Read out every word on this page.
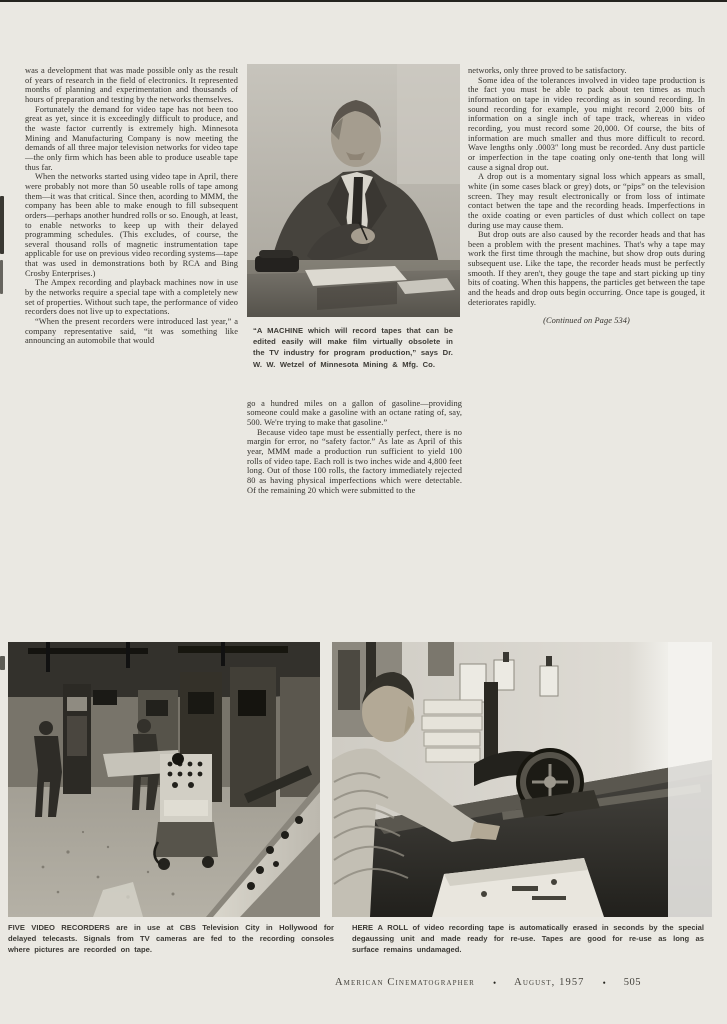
was a development that was made possible only as the result of years of research in the field of electronics. It represented months of planning and experimentation and thousands of hours of preparation and testing by the networks themselves.

Fortunately the demand for video tape has not been too great as yet, since it is exceedingly difficult to produce, and the waste factor currently is extremely high. Minnesota Mining and Manufacturing Company is now meeting the demands of all three major television networks for video tape—the only firm which has been able to produce useable tape thus far.

When the networks started using video tape in April, there were probably not more than 50 useable rolls of tape among them—it was that critical. Since then, acording to MMM, the company has been able to make enough to fill subsequent orders—perhaps another hundred rolls or so. Enough, at least, to enable networks to keep up with their delayed programming schedules. (This excludes, of course, the several thousand rolls of magnetic instrumentation tape applicable for use on previous video recording systems—tape that was used in demonstrations both by RCA and Bing Crosby Enterprises.)

The Ampex recording and playback machines now in use by the networks require a special tape with a completely new set of properties. Without such tape, the performance of video recorders does not live up to expectations.

“When the present recorders were introduced last year,” a company representative said, “it was something like announcing an automobile that would

“A MACHINE which will record tapes that can be edited easily will make film virtually obsolete in the TV industry for program production,” says Dr. W. W. Wetzel of Minnesota Mining & Mfg. Co.

go a hundred miles on a gallon of gasoline—providing someone could make a gasoline with an octane rating of, say, 500. We're trying to make that gasoline.”

Because video tape must be essentially perfect, there is no margin for error, no “safety factor.” As late as April of this year, MMM made a production run sufficient to yield 100 rolls of video tape. Each roll is two inches wide and 4,800 feet long. Out of those 100 rolls, the factory immediately rejected 80 as having physical imperfections which were detectable. Of the remaining 20 which were submitted to the

networks, only three proved to be satisfactory.

Some idea of the tolerances involved in video tape production is the fact you must be able to pack about ten times as much information on tape in video recording as in sound recording. In sound recording for example, you might record 2,000 bits of information on a single inch of tape track, whereas in video recording, you must record some 20,000. Of course, the bits of information are much smaller and thus more difficult to record. Wave lengths only .0003″ long must be recorded. Any dust particle or imperfection in the tape coating only one-tenth that long will cause a signal drop out.

A drop out is a momentary signal loss which appears as small, white (in some cases black or grey) dots, or “pips” on the television screen. They may result electronically or from loss of intimate contact betwen the tape and the recording heads. Imperfections in the oxide coating or even particles of dust which collect on tape during use may cause them.

But drop outs are also caused by the recorder heads and that has been a problem with the present machines. That's why a tape may work the first time through the machine, but show drop outs during subsequent use. Like the tape, the recorder heads must be perfectly smooth. If they aren't, they gouge the tape and start picking up tiny bits of coating. When this happens, the particles get between the tape and the heads and drop outs begin occurring. Once tape is gouged, it deteriorates rapidly.

(Continued on Page 534)

FIVE VIDEO RECORDERS are in use at CBS Television City in Hollywood for delayed telecasts. Signals from TV cameras are fed to the recording consoles where pictures are recorded on tape.
HERE A ROLL of video recording tape is automatically erased in seconds by the special degaussing unit and made ready for re-use. Tapes are good for re-use as long as surface remains undamaged.
American Cinematographer • August, 1957 • 505
